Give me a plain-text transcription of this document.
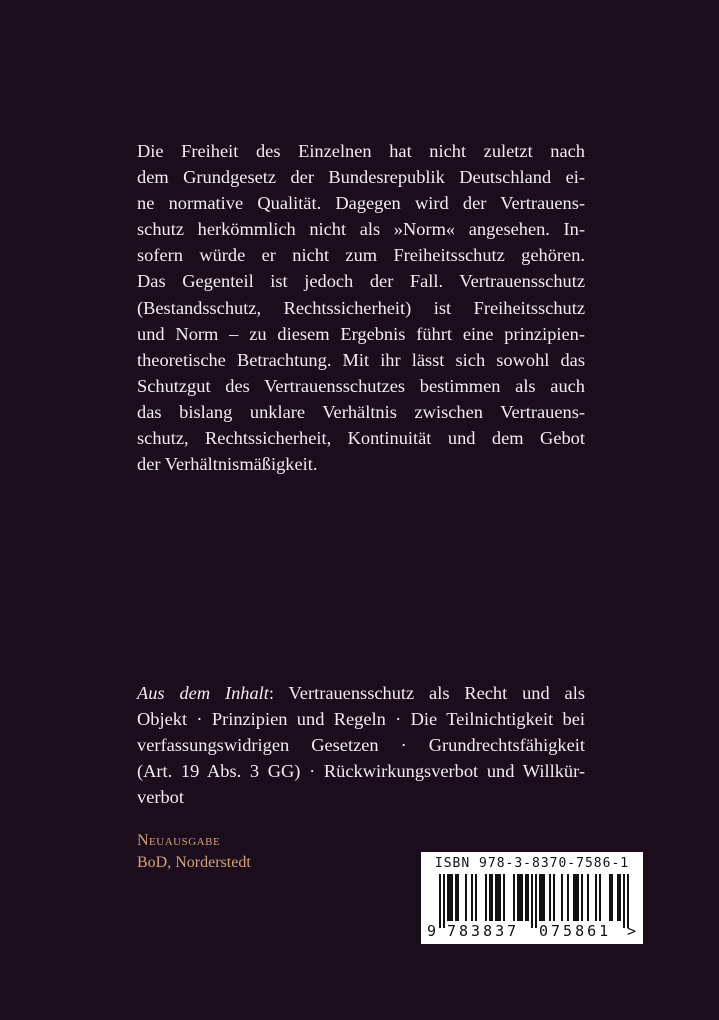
Die Freiheit des Einzelnen hat nicht zuletzt nach
dem Grundgesetz der Bundesrepublik Deutschland ei-
ne normative Qualität. Dagegen wird der Vertrauens-
schutz herkömmlich nicht als »Norm« angesehen. In-
sofern würde er nicht zum Freiheitsschutz gehören.
Das Gegenteil ist jedoch der Fall. Vertrauensschutz
(Bestandsschutz, Rechtssicherheit) ist Freiheitsschutz
und Norm – zu diesem Ergebnis führt eine prinzipien-
theoretische Betrachtung. Mit ihr lässt sich sowohl das
Schutzgut des Vertrauensschutzes bestimmen als auch
das bislang unklare Verhältnis zwischen Vertrauens-
schutz, Rechtssicherheit, Kontinuität und dem Gebot
der Verhältnismäßigkeit.
Aus dem Inhalt: Vertrauensschutz als Recht und als
Objekt · Prinzipien und Regeln · Die Teilnichtigkeit bei
verfassungswidrigen Gesetzen · Grundrechtsfähigkeit
(Art. 19 Abs. 3 GG) · Rückwirkungsverbot und Willkür-
verbot
Neuausgabe
BoD, Norderstedt	ISBN 978-3-8370-7586-1
9 783837 075861 >
